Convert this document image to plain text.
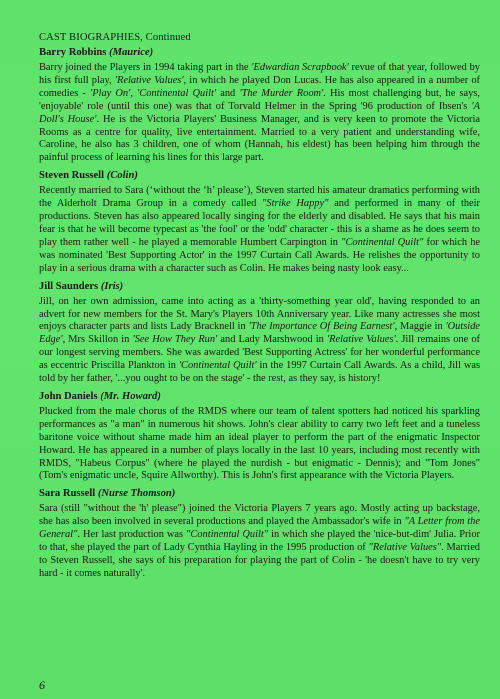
CAST BIOGRAPHIES, Continued
Barry Robbins (Maurice)

Barry joined the Players in 1994 taking part in the 'Edwardian Scrapbook' revue of that year, followed by his first full play, 'Relative Values', in which he played Don Lucas. He has also appeared in a number of comedies - 'Play On', 'Continental Quilt' and 'The Murder Room'. His most challenging but, he says, 'enjoyable' role (until this one) was that of Torvald Helmer in the Spring '96 production of Ibsen's 'A Doll's House'. He is the Victoria Players' Business Manager, and is very keen to promote the Victoria Rooms as a centre for quality, live entertainment. Married to a very patient and understanding wife, Caroline, he also has 3 children, one of whom (Hannah, his eldest) has been helping him through the painful process of learning his lines for this large part.

Steven Russell (Colin)

Recently married to Sara (‘without the ‘h’ please’), Steven started his amateur dramatics performing with the Alderholt Drama Group in a comedy called "Strike Happy" and performed in many of their productions. Steven has also appeared locally singing for the elderly and disabled. He says that his main fear is that he will become typecast as 'the fool' or the 'odd' character - this is a shame as he does seem to play them rather well - he played a memorable Humbert Carpington in "Continental Quilt" for which he was nominated 'Best Supporting Actor' in the 1997 Curtain Call Awards. He relishes the opportunity to play in a serious drama with a character such as Colin. He makes being nasty look easy...

Jill Saunders (Iris)

Jill, on her own admission, came into acting as a 'thirty-something year old', having responded to an advert for new members for the St. Mary's Players 10th Anniversary year. Like many actresses she most enjoys character parts and lists Lady Bracknell in 'The Importance Of Being Earnest', Maggie in 'Outside Edge', Mrs Skillon in 'See How They Run' and Lady Marshwood in 'Relative Values'. Jill remains one of our longest serving members. She was awarded 'Best Supporting Actress' for her wonderful performance as eccentric Priscilla Plankton in 'Continental Quilt' in the 1997 Curtain Call Awards. As a child, Jill was told by her father, '...you ought to be on the stage' - the rest, as they say, is history!

John Daniels (Mr. Howard)

Plucked from the male chorus of the RMDS where our team of talent spotters had noticed his sparkling performances as "a man" in numerous hit shows. John's clear ability to carry two left feet and a tuneless baritone voice without shame made him an ideal player to perform the part of the enigmatic Inspector Howard. He has appeared in a number of plays locally in the last 10 years, including most recently with RMDS, "Habeus Corpus" (where he played the nurdish - but enigmatic - Dennis); and "Tom Jones" (Tom's enigmatic uncle, Squire Allworthy). This is John's first appearance with the Victoria Players.

Sara Russell (Nurse Thomson)

Sara (still "without the 'h' please") joined the Victoria Players 7 years ago. Mostly acting up backstage, she has also been involved in several productions and played the Ambassador's wife in "A Letter from the General". Her last production was "Continental Quilt" in which she played the 'nice-but-dim' Julia. Prior to that, she played the part of Lady Cynthia Hayling in the 1995 production of "Relative Values". Married to Steven Russell, she says of his preparation for playing the part of Colin - 'he doesn't have to try very hard - it comes naturally'.

6
